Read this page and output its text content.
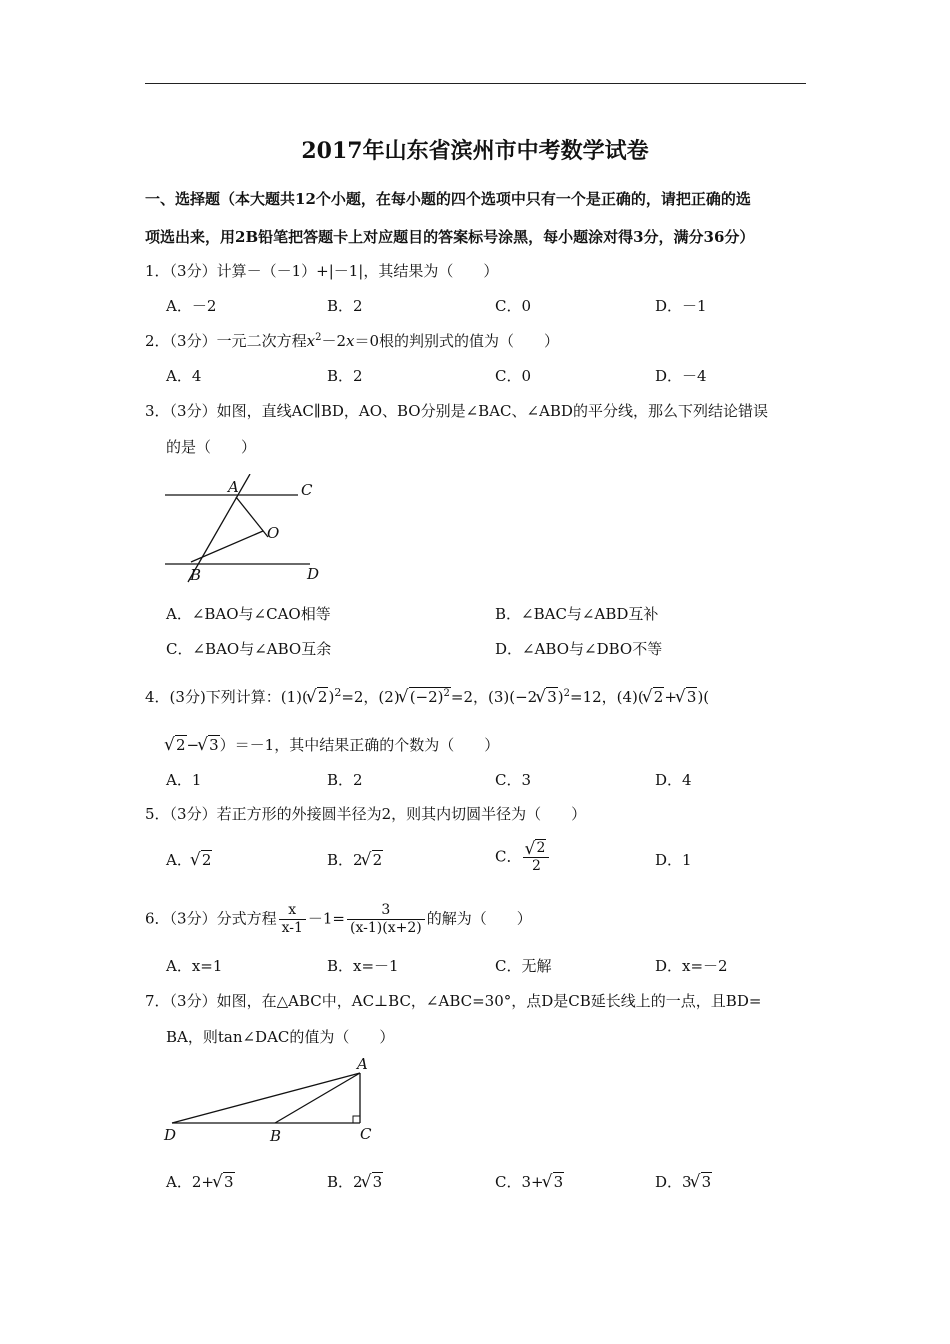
2017年山东省滨州市中考数学试卷
一、选择题（本大题共12个小题，在每小题的四个选项中只有一个是正确的，请把正确的选
项选出来，用2B铅笔把答题卡上对应题目的答案标号涂黑，每小题涂对得3分，满分36分）
1．（3分）计算－（－1）+|－1|，其结果为（　　）
A．－2	B．2	C．0	D．－1
2．（3分）一元二次方程$x^2-2x=0$根的判别式的值为（　　）
A．4	B．2	C．0	D．－4
3．（3分）如图，直线AC∥BD，AO、BO分别是∠BAC、∠ABD的平分线，那么下列结论错误
的是（　　）
A	C
O
B	D
A．∠BAO与∠CAO相等	B．∠BAC与∠ABD互补
C．∠BAO与∠ABO互余	D．∠ABO与∠DBO不等
4．(3分)下列计算：(1)( √ 2)$^2$=2，(2) √ $(-2)^2=2$，(3)(−2 √ 3)$^2$=12，(4)( √ 2+ √ 3)(
√ 2− √ 3）＝－1，其中结果正确的个数为（　　）
A．1	B．2	C．3	D．4
5．（3分）若正方形的外接圆半径为2，则其内切圆半径为（　　）
A． √ 2	B．2 √ 2	C． √ $\frac{2}{2}$	D．1
6．（3分）分式方程 $\frac{x}{x-1} -1= \frac{3}{(x-1)(x+2)}$ 的解为（　　）
A．x=1	B．x=－1	C．无解	D．x=－2
7．（3分）如图，在△ABC中，AC⊥BC，∠ABC=30°，点D是CB延长线上的一点，且BD=
BA，则tan∠DAC的值为（　　）
A
D	B	C
A．2+ √ 3	B．2 √ 3	C．3+ √ 3	D．3 √ 3
